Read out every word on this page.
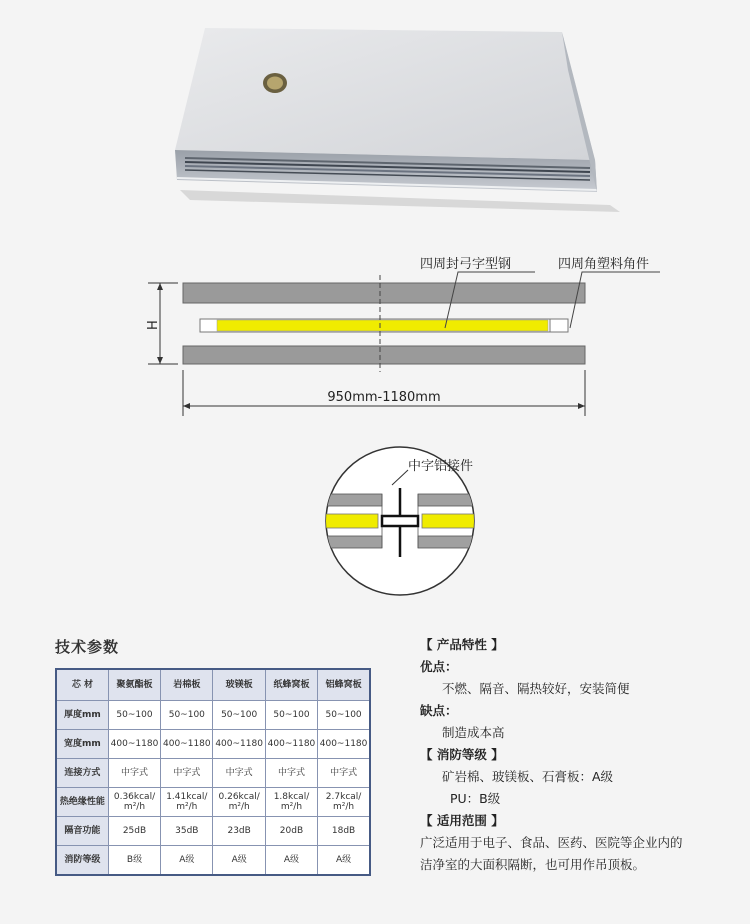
H
四周封弓字型钢	四周角塑料角件
950mm-1180mm
中字铝接件
技术参数
芯 材	聚氨酯板	岩棉板	玻镁板	纸蜂窝板	铝蜂窝板
厚度mm	50~100	50~100	50~100	50~100	50~100
宽度mm	400~1180	400~1180	400~1180	400~1180	400~1180
连接方式	中字式	中字式	中字式	中字式	中字式
热绝缘性能	0.36kcal/ m²/h	1.41kcal/ m²/h	0.26kcal/ m²/h	1.8kcal/ m²/h	2.7kcal/ m²/h
隔音功能	25dB	35dB	23dB	20dB	18dB
消防等级	B级	A级	A级	A级	A级
【 产品特性 】
优点：
不燃、隔音、隔热较好，安装简便
缺点：
制造成本高
【 消防等级 】
矿岩棉、玻镁板、石膏板：A级
PU：B级
【 适用范围 】
广泛适用于电子、食品、医药、医院等企业内的
洁净室的大面积隔断，也可用作吊顶板。
